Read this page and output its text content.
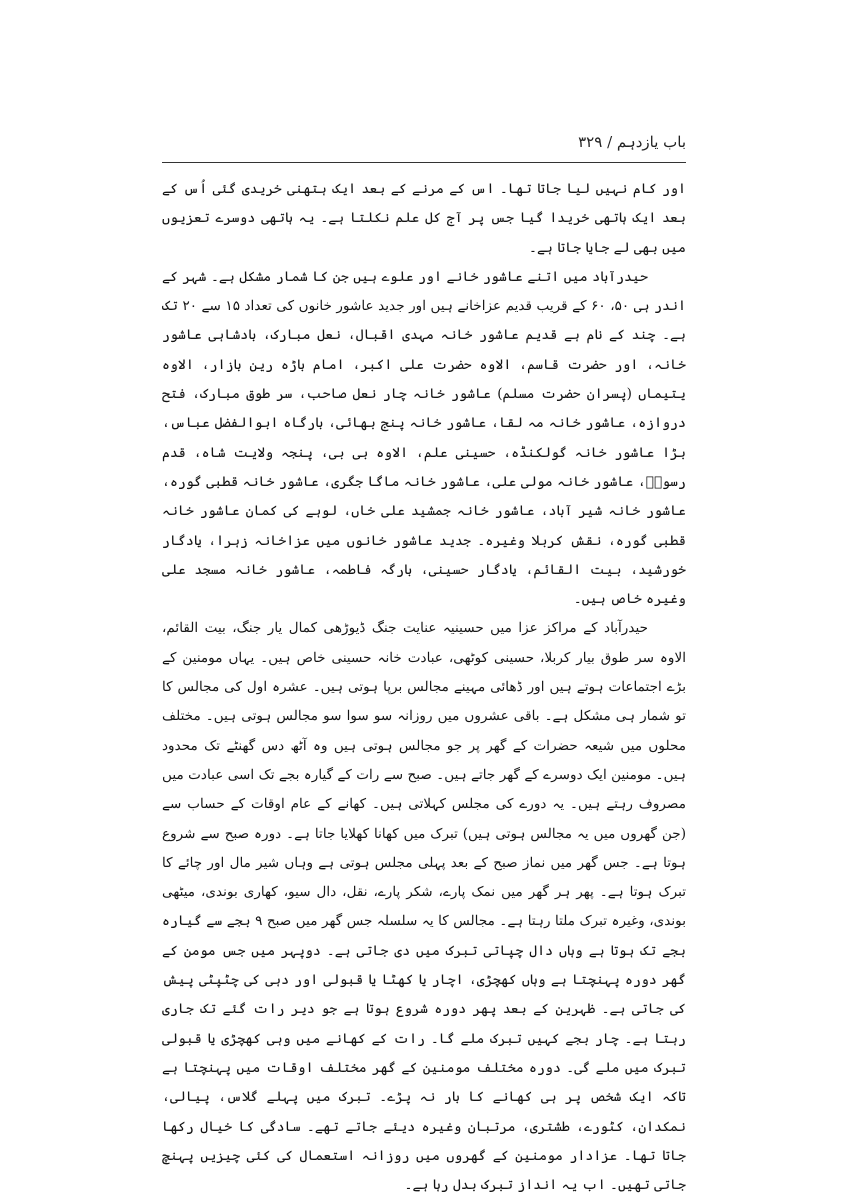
باب یازدہم / ۳۲۹

اور کام نہیں لیا جاتا تھا۔ اس کے مرنے کے بعد ایک ہتھنی خریدی گئی اُس کے بعد ایک ہاتھی خریدا گیا جس پر آج کل علم نکلتا ہے۔ یہ ہاتھی دوسرے تعزیوں میں بھی لے جایا جاتا ہے۔

حیدرآباد میں اتنے عاشور خانے اور علوے ہیں جن کا شمار مشکل ہے۔ شہر کے اندر ہی ۵۰، ۶۰ کے قریب قدیم عزاخانے ہیں اور جدید عاشور خانوں کی تعداد ۱۵ سے ۲۰ تک ہے۔ چند کے نام ہے قدیم عاشور خانہ مہدی اقبال، نعل مبارک، بادشاہی عاشور خانہ، اور حضرت قاسم، الاوہ حضرت علی اکبر، امام باڑہ رین بازار، الاوہ یتیماں (پسران حضرت مسلم) عاشور خانہ چار نعل صاحب، سر طوق مبارک، فتح دروازہ، عاشور خانہ مہ لقا، عاشور خانہ پنج بھائی، بارگاہ ابوالفضل عباس، بڑا عاشور خانہ گولکنڈہ، حسینی علم، الاوہ بی بی، پنجہ ولایت شاہ، قدم رسولؐ، عاشور خانہ مولی علی، عاشور خانہ ماگا جگری، عاشور خانہ قطبی گورہ، عاشور خانہ شیر آباد، عاشور خانہ جمشید علی خاں، لوہے کی کمان عاشور خانہ قطبی گورہ، نقش کربلا وغیرہ۔ جدید عاشور خانوں میں عزاخانہ زہرا، یادگار خورشید، بیت القائم، یادگار حسینی، بارگہ فاطمہ، عاشور خانہ مسجد علی وغیرہ خاص ہیں۔

حیدرآباد کے مراکز عزا میں حسینیہ عنایت جنگ ڈیوڑھی کمال یار جنگ، بیت القائم، الاوہ سر طوق بیار کربلا، حسینی کوٹھی، عبادت خانہ حسینی خاص ہیں۔ یہاں مومنین کے بڑے اجتماعات ہوتے ہیں اور ڈھائی مہینے مجالس برپا ہوتی ہیں۔ عشرہ اول کی مجالس کا تو شمار ہی مشکل ہے۔ باقی عشروں میں روزانہ سو سوا سو مجالس ہوتی ہیں۔ مختلف محلوں میں شیعہ حضرات کے گھر پر جو مجالس ہوتی ہیں وہ آٹھ دس گھنٹے تک محدود ہیں۔ مومنین ایک دوسرے کے گھر جاتے ہیں۔ صبح سے رات کے گیارہ بجے تک اسی عبادت میں مصروف رہتے ہیں۔ یہ دورے کی مجلس کہلاتی ہیں۔ کھانے کے عام اوقات کے حساب سے (جن گھروں میں یہ مجالس ہوتی ہیں) تبرک میں کھانا کھلایا جاتا ہے۔ دورہ صبح سے شروع ہوتا ہے۔ جس گھر میں نماز صبح کے بعد پہلی مجلس ہوتی ہے وہاں شیر مال اور چائے کا تبرک ہوتا ہے۔ پھر ہر گھر میں نمک پارے، شکر پارے، نقل، دال سیو، کھاری بوندی، میٹھی بوندی، وغیرہ تبرک ملتا رہتا ہے۔ مجالس کا یہ سلسلہ جس گھر میں صبح ۹ بجے سے گیارہ بجے تک ہوتا ہے وہاں دال چپاتی تبرک میں دی جاتی ہے۔ دوپہر میں جس مومن کے گھر دورہ پہنچتا ہے وہاں کھچڑی، اچار یا کھٹا یا قبولی اور دہی کی چٹپٹی پیش کی جاتی ہے۔ ظہرین کے بعد پھر دورہ شروع ہوتا ہے جو دیر رات گئے تک جاری رہتا ہے۔ چار بجے کہیں تبرک ملے گا۔ رات کے کھانے میں وہی کھچڑی یا قبولی تبرک میں ملے گی۔ دورہ مختلف مومنین کے گھر مختلف اوقات میں پہنچتا ہے تاکہ ایک شخص پر ہی کھانے کا بار نہ پڑے۔ تبرک میں پہلے گلاس، پیالی، نمکدان، کٹورے، طشتری، مرتبان وغیرہ دیئے جاتے تھے۔ سادگی کا خیال رکھا جاتا تھا۔ عزادار مومنین کے گھروں میں روزانہ استعمال کی کئی چیزیں پہنچ جاتی تھیں۔ اب یہ انداز تبرک بدل رہا ہے۔
